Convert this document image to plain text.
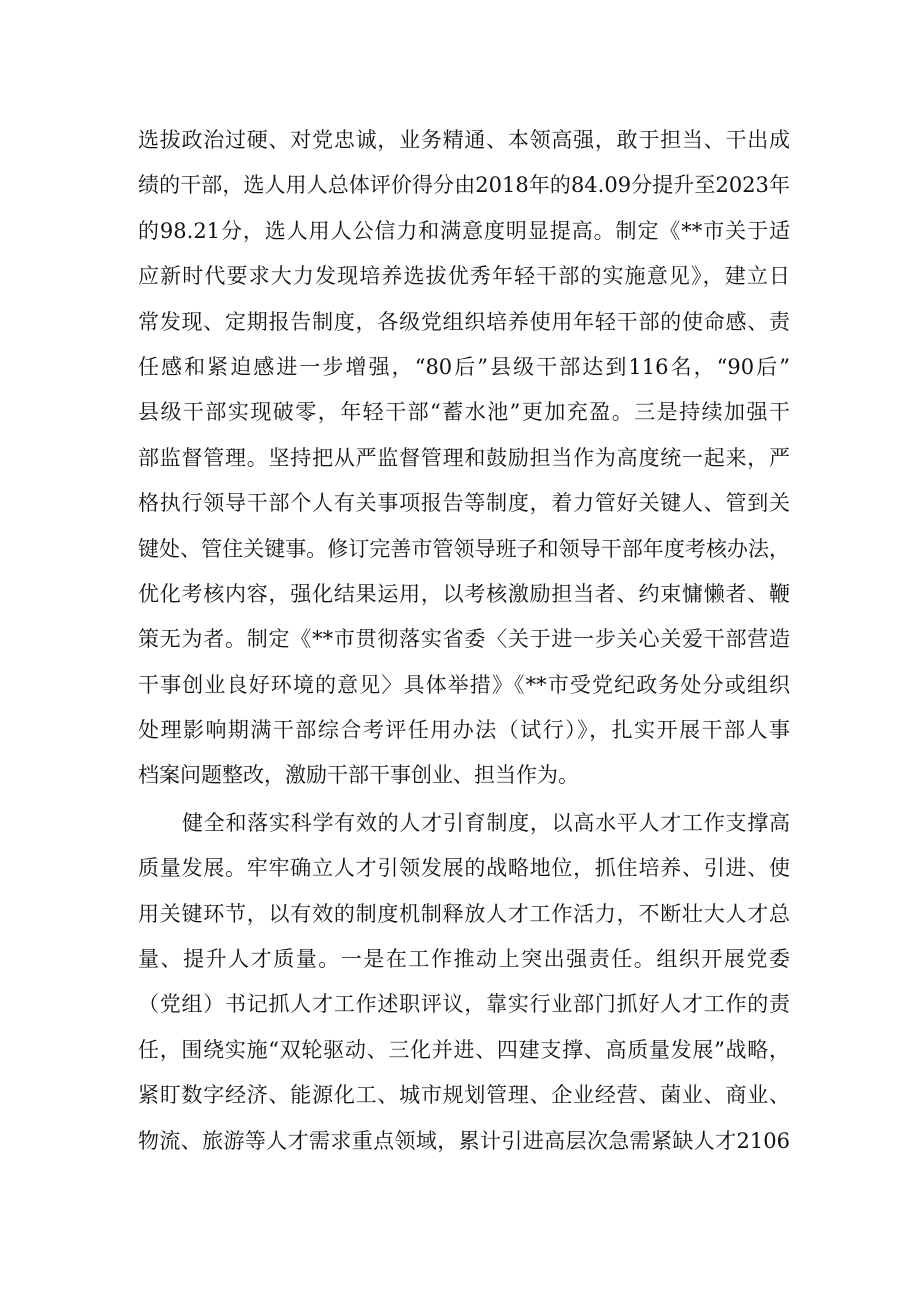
选拔政治过硬、对党忠诚，业务精通、本领高强，敢于担当、干出成
绩的干部，选人用人总体评价得分由2018年的84.09分提升至2023年
的98.21分，选人用人公信力和满意度明显提高。制定《**市关于适
应新时代要求大力发现培养选拔优秀年轻干部的实施意见》，建立日
常发现、定期报告制度，各级党组织培养使用年轻干部的使命感、责
任感和紧迫感进一步增强，“80后”县级干部达到116名，“90后”
县级干部实现破零，年轻干部“蓄水池”更加充盈。三是持续加强干
部监督管理。坚持把从严监督管理和鼓励担当作为高度统一起来，严
格执行领导干部个人有关事项报告等制度，着力管好关键人、管到关
键处、管住关键事。修订完善市管领导班子和领导干部年度考核办法，
优化考核内容，强化结果运用，以考核激励担当者、约束慵懒者、鞭
策无为者。制定《**市贯彻落实省委〈关于进一步关心关爱干部营造
干事创业良好环境的意见〉具体举措》《**市受党纪政务处分或组织
处理影响期满干部综合考评任用办法（试行）》，扎实开展干部人事
档案问题整改，激励干部干事创业、担当作为。
健全和落实科学有效的人才引育制度，以高水平人才工作支撑高
质量发展。牢牢确立人才引领发展的战略地位，抓住培养、引进、使
用关键环节，以有效的制度机制释放人才工作活力，不断壮大人才总
量、提升人才质量。一是在工作推动上突出强责任。组织开展党委
（党组）书记抓人才工作述职评议，靠实行业部门抓好人才工作的责
任，围绕实施“双轮驱动、三化并进、四建支撑、高质量发展”战略，
紧盯数字经济、能源化工、城市规划管理、企业经营、菌业、商业、
物流、旅游等人才需求重点领域，累计引进高层次急需紧缺人才2106
